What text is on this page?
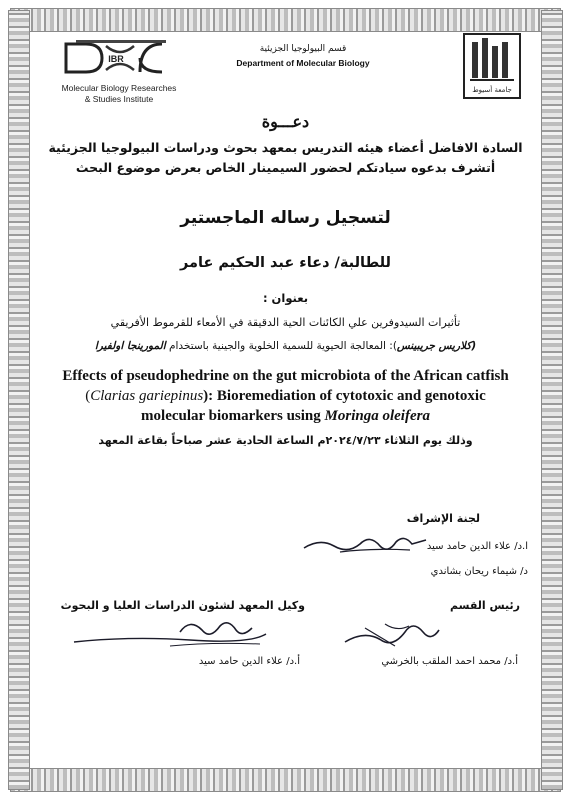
IBR
Molecular Biology Researches
& Studies Institute
قسم البيولوجيا الجزيئية
Department of Molecular Biology
جامعة أسيوط
دعـــوة
السادة الافاضل أعضاء هيئه التدريس بمعهد بحوث ودراسات البيولوجيا الجزيئية
أتشرف بدعوه سيادتكم لحضور السيمينار الخاص بعرض موضوع البحث
لتسجيل رساله الماجستير
للطالبة/ دعاء عبد الحكيم عامر
بعنوان :
تأثيرات السيدوفرين علي الكائنات الحية الدقيقة في الأمعاء للقرموط الأفريقي
(كلاريس جريبينس): المعالجة الحيوية للسمية الخلوية والجينية باستخدام المورينجا اولفيرا
Effects of pseudophedrine on the gut microbiota of the African catfish
(Clarias gariepinus): Bioremediation of cytotoxic and genotoxic
molecular biomarkers using Moringa oleifera
وذلك يوم الثلاثاء ٢٠٢٤/٧/٢٣م الساعة الحادية عشر صباحاً بقاعة المعهد
لجنة الإشراف
ا.د/ علاء الدين حامد سيد
د/ شيماء ريحان بشاندي
رئيس القسم
وكيل المعهد لشئون الدراسات العليا و البحوث
أ.د/ محمد احمد الملقب بالخرشي
أ.د/ علاء الدين حامد سيد
